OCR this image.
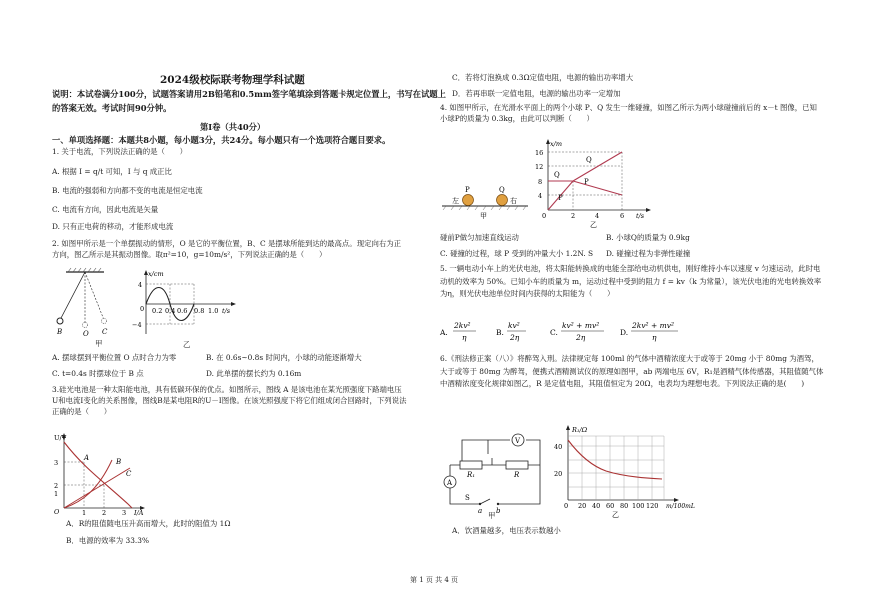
2024级校际联考物理学科试题
说明：本试卷满分100分，试题答案请用2B铅笔和0.5mm签字笔填涂到答题卡规定位置上，书写在试题上的答案无效。考试时间90分钟。
第Ⅰ卷（共40分）
一、单项选择题：本题共8小题，每小题3分，共24分。每小题只有一个选项符合题目要求。
1. 关于电流，下列说法正确的是（　　）
A. 根据 I = q/t 可知，I 与 q 成正比
B. 电流的强弱和方向都不变的电流是恒定电流
C. 电流有方向，因此电流是矢量
D. 只有正电荷的移动，才能形成电流
2. 如图甲所示是一个单摆振动的情形，O 是它的平衡位置，B、C 是摆球所能到达的最高点。现定向右为正方向，图乙所示是其振动图像。取π²=10，g=10m/s²，下列说法正确的是（　　）
B	O C
甲
x/cm
4
−4
0 0.2 0.4 0.6 0.8 1.0 t/s
乙
A. 摆球摆到平衡位置 O 点时合力为零	B. 在 0.6s~0.8s 时间内，小球的动能逐渐增大
C. t=0.4s 时摆球位于 B 点	D. 此单摆的摆长约为 0.16m
3.硅光电池是一种太阳能电池，具有低碳环保的优点。如图所示，图线 A 是该电池在某光照强度下路端电压U和电流I变化的关系图像，图线B是某电阻R的U－I图像。在该光照强度下将它们组成闭合回路时，下列说法正确的是（　　）
U/V
3
2
1
O	1 2 3 I/A
A	B
C
A．R的阻值随电压升高而增大，此时的阻值为 1Ω
B．电源的效率为 33.3%
C．若将灯泡换成 0.3Ω定值电阻，电源的输出功率增大
D．若再串联一定值电阻，电源的输出功率一定增加
4. 如图甲所示，在光滑水平面上的两个小球 P、Q 发生一维碰撞，如图乙所示为两小球碰撞前后的 x－t 图像，已知小球P的质量为 0.3kg，由此可以判断（　　）
左
P	Q
右
甲
x/m
16
12
8
4
0	2	4	6 t/s
Q
Q
P
P
乙
碰前P做匀加速直线运动	B. 小球Q的质量为 0.9kg
C. 碰撞的过程，球 P 受到的冲量大小 1.2N. S D. 碰撞过程为非弹性碰撞
5. 一辆电动小车上的光伏电池，将太阳能转换成的电能全部给电动机供电，刚好维持小车以速度 v 匀速运动，此时电动机的效率为 50%。已知小车的质量为 m，运动过程中受到的阻力 f = kv（k 为常量），该光伏电池的光电转换效率为η，则光伏电池单位时间内获得的太阳能为（　　）
A.
2kv²
η
B.
kv²
2η
C.
kv² + mv²
2η
D.
2kv² + mv²
η
6.《刑法修正案（八）》将醉驾入刑。法律规定每 100ml 的气体中酒精浓度大于或等于 20mg 小于 80mg 为酒驾，大于或等于 80mg 为醉驾，便携式酒精测试仪的原理如图甲，ab 两端电压 6V，R₁是酒精气体传感器，其阻值随气体中酒精浓度变化规律如图乙，R 是定值电阻，其阻值恒定为 20Ω，电表均为理想电表。下列说法正确的是(　　)
R₁	R
V
A
S
a b
甲
R₁/Ω
40
20
0 20 40 60 80 100 120 m/100mL
乙
A．饮酒量越多，电压表示数越小
第 1 页 共 4 页
